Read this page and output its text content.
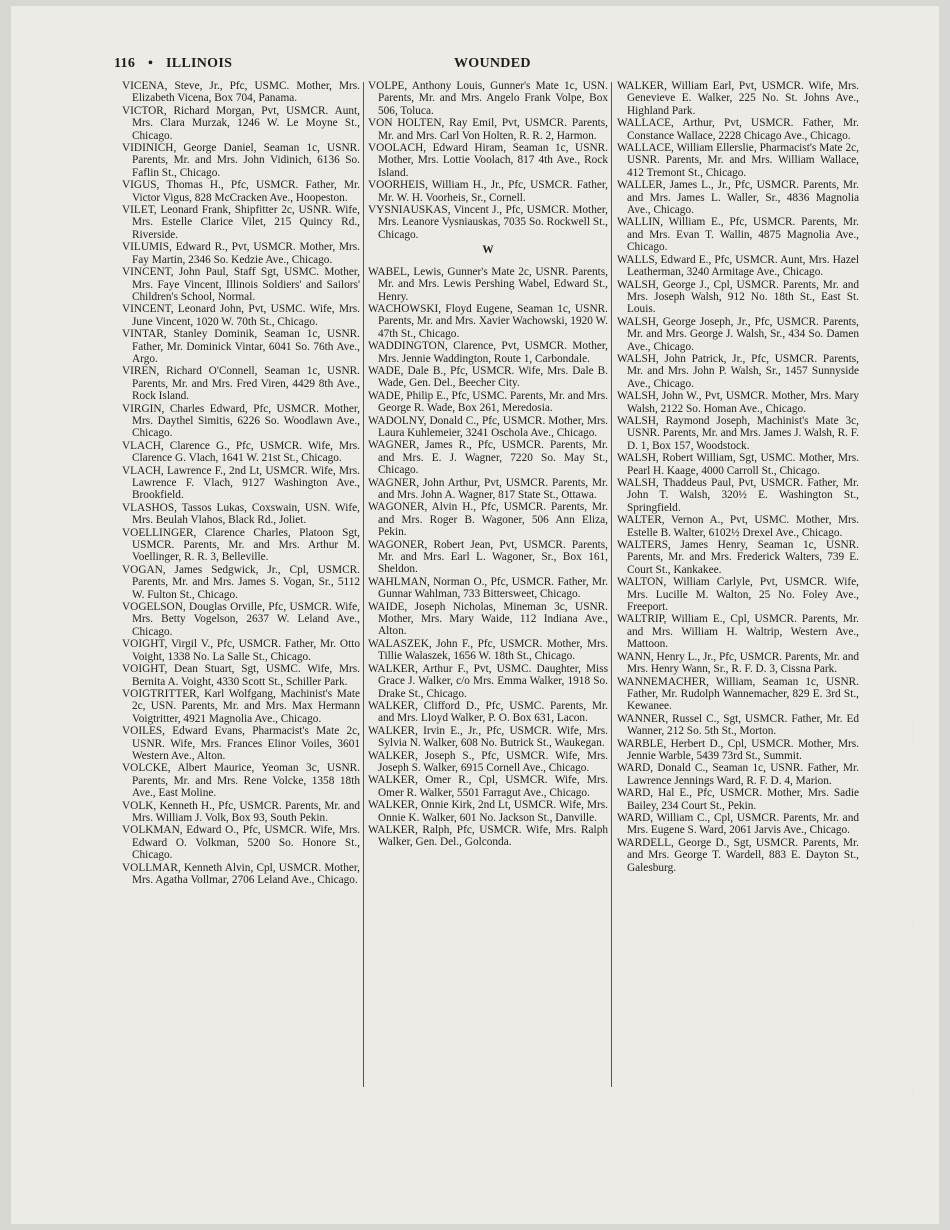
116 • ILLINOIS	WOUNDED

VICENA, Steve, Jr., Pfc, USMC. Mother, Mrs. Elizabeth Vicena, Box 704, Panama.

VICTOR, Richard Morgan, Pvt, USMCR. Aunt, Mrs. Clara Murzak, 1246 W. Le Moyne St., Chicago.

VIDINICH, George Daniel, Seaman 1c, USNR. Parents, Mr. and Mrs. John Vidinich, 6136 So. Faflin St., Chicago.

VIGUS, Thomas H., Pfc, USMCR. Father, Mr. Victor Vigus, 828 McCracken Ave., Hoopeston.

VILET, Leonard Frank, Shipfitter 2c, USNR. Wife, Mrs. Estelle Clarice Vilet, 215 Quincy Rd., Riverside.

VILUMIS, Edward R., Pvt, USMCR. Mother, Mrs. Fay Martin, 2346 So. Kedzie Ave., Chicago.

VINCENT, John Paul, Staff Sgt, USMC. Mother, Mrs. Faye Vincent, Illinois Soldiers' and Sailors' Children's School, Normal.

VINCENT, Leonard John, Pvt, USMC. Wife, Mrs. June Vincent, 1020 W. 70th St., Chicago.

VINTAR, Stanley Dominik, Seaman 1c, USNR. Father, Mr. Dominick Vintar, 6041 So. 76th Ave., Argo.

VIREN, Richard O'Connell, Seaman 1c, USNR. Parents, Mr. and Mrs. Fred Viren, 4429 8th Ave., Rock Island.

VIRGIN, Charles Edward, Pfc, USMCR. Mother, Mrs. Daythel Simitis, 6226 So. Woodlawn Ave., Chicago.

VLACH, Clarence G., Pfc, USMCR. Wife, Mrs. Clarence G. Vlach, 1641 W. 21st St., Chicago.

VLACH, Lawrence F., 2nd Lt, USMCR. Wife, Mrs. Lawrence F. Vlach, 9127 Washington Ave., Brookfield.

VLASHOS, Tassos Lukas, Coxswain, USN. Wife, Mrs. Beulah Vlahos, Black Rd., Joliet.

VOELLINGER, Clarence Charles, Platoon Sgt, USMCR. Parents, Mr. and Mrs. Arthur M. Voellinger, R. R. 3, Belleville.

VOGAN, James Sedgwick, Jr., Cpl, USMCR. Parents, Mr. and Mrs. James S. Vogan, Sr., 5112 W. Fulton St., Chicago.

VOGELSON, Douglas Orville, Pfc, USMCR. Wife, Mrs. Betty Vogelson, 2637 W. Leland Ave., Chicago.

VOIGHT, Virgil V., Pfc, USMCR. Father, Mr. Otto Voight, 1338 No. La Salle St., Chicago.

VOIGHT, Dean Stuart, Sgt, USMC. Wife, Mrs. Bernita A. Voight, 4330 Scott St., Schiller Park.

VOIGTRITTER, Karl Wolfgang, Machinist's Mate 2c, USN. Parents, Mr. and Mrs. Max Hermann Voigtritter, 4921 Magnolia Ave., Chicago.

VOILES, Edward Evans, Pharmacist's Mate 2c, USNR. Wife, Mrs. Frances Elinor Voiles, 3601 Western Ave., Alton.

VOLCKE, Albert Maurice, Yeoman 3c, USNR. Parents, Mr. and Mrs. Rene Volcke, 1358 18th Ave., East Moline.

VOLK, Kenneth H., Pfc, USMCR. Parents, Mr. and Mrs. William J. Volk, Box 93, South Pekin.

VOLKMAN, Edward O., Pfc, USMCR. Wife, Mrs. Edward O. Volkman, 5200 So. Honore St., Chicago.

VOLLMAR, Kenneth Alvin, Cpl, USMCR. Mother, Mrs. Agatha Vollmar, 2706 Leland Ave., Chicago.

VOLPE, Anthony Louis, Gunner's Mate 1c, USN. Parents, Mr. and Mrs. Angelo Frank Volpe, Box 506, Toluca.

VON HOLTEN, Ray Emil, Pvt, USMCR. Parents, Mr. and Mrs. Carl Von Holten, R. R. 2, Harmon.

VOOLACH, Edward Hiram, Seaman 1c, USNR. Mother, Mrs. Lottie Voolach, 817 4th Ave., Rock Island.

VOORHEIS, William H., Jr., Pfc, USMCR. Father, Mr. W. H. Voorheis, Sr., Cornell.

VYSNIAUSKAS, Vincent J., Pfc, USMCR. Mother, Mrs. Leanore Vysniauskas, 7035 So. Rockwell St., Chicago.

W

WABEL, Lewis, Gunner's Mate 2c, USNR. Parents, Mr. and Mrs. Lewis Pershing Wabel, Edward St., Henry.

WACHOWSKI, Floyd Eugene, Seaman 1c, USNR. Parents, Mr. and Mrs. Xavier Wachowski, 1920 W. 47th St., Chicago.

WADDINGTON, Clarence, Pvt, USMCR. Mother, Mrs. Jennie Waddington, Route 1, Carbondale.

WADE, Dale B., Pfc, USMCR. Wife, Mrs. Dale B. Wade, Gen. Del., Beecher City.

WADE, Philip E., Pfc, USMC. Parents, Mr. and Mrs. George R. Wade, Box 261, Meredosia.

WADOLNY, Donald C., Pfc, USMCR. Mother, Mrs. Laura Kuhlemeier, 3241 Oschola Ave., Chicago.

WAGNER, James R., Pfc, USMCR. Parents, Mr. and Mrs. E. J. Wagner, 7220 So. May St., Chicago.

WAGNER, John Arthur, Pvt, USMCR. Parents, Mr. and Mrs. John A. Wagner, 817 State St., Ottawa.

WAGONER, Alvin H., Pfc, USMCR. Parents, Mr. and Mrs. Roger B. Wagoner, 506 Ann Eliza, Pekin.

WAGONER, Robert Jean, Pvt, USMCR. Parents, Mr. and Mrs. Earl L. Wagoner, Sr., Box 161, Sheldon.

WAHLMAN, Norman O., Pfc, USMCR. Father, Mr. Gunnar Wahlman, 733 Bittersweet, Chicago.

WAIDE, Joseph Nicholas, Mineman 3c, USNR. Mother, Mrs. Mary Waide, 112 Indiana Ave., Alton.

WALASZEK, John F., Pfc, USMCR. Mother, Mrs. Tillie Walaszek, 1656 W. 18th St., Chicago.

WALKER, Arthur F., Pvt, USMC. Daughter, Miss Grace J. Walker, c/o Mrs. Emma Walker, 1918 So. Drake St., Chicago.

WALKER, Clifford D., Pfc, USMC. Parents, Mr. and Mrs. Lloyd Walker, P. O. Box 631, Lacon.

WALKER, Irvin E., Jr., Pfc, USMCR. Wife, Mrs. Sylvia N. Walker, 608 No. Butrick St., Waukegan.

WALKER, Joseph S., Pfc, USMCR. Wife, Mrs. Joseph S. Walker, 6915 Cornell Ave., Chicago.

WALKER, Omer R., Cpl, USMCR. Wife, Mrs. Omer R. Walker, 5501 Farragut Ave., Chicago.

WALKER, Onnie Kirk, 2nd Lt, USMCR. Wife, Mrs. Onnie K. Walker, 601 No. Jackson St., Danville.

WALKER, Ralph, Pfc, USMCR. Wife, Mrs. Ralph Walker, Gen. Del., Golconda.

WALKER, William Earl, Pvt, USMCR. Wife, Mrs. Genevieve E. Walker, 225 No. St. Johns Ave., Highland Park.

WALLACE, Arthur, Pvt, USMCR. Father, Mr. Constance Wallace, 2228 Chicago Ave., Chicago.

WALLACE, William Ellerslie, Pharmacist's Mate 2c, USNR. Parents, Mr. and Mrs. William Wallace, 412 Tremont St., Chicago.

WALLER, James L., Jr., Pfc, USMCR. Parents, Mr. and Mrs. James L. Waller, Sr., 4836 Magnolia Ave., Chicago.

WALLIN, William E., Pfc, USMCR. Parents, Mr. and Mrs. Evan T. Wallin, 4875 Magnolia Ave., Chicago.

WALLS, Edward E., Pfc, USMCR. Aunt, Mrs. Hazel Leatherman, 3240 Armitage Ave., Chicago.

WALSH, George J., Cpl, USMCR. Parents, Mr. and Mrs. Joseph Walsh, 912 No. 18th St., East St. Louis.

WALSH, George Joseph, Jr., Pfc, USMCR. Parents, Mr. and Mrs. George J. Walsh, Sr., 434 So. Damen Ave., Chicago.

WALSH, John Patrick, Jr., Pfc, USMCR. Parents, Mr. and Mrs. John P. Walsh, Sr., 1457 Sunnyside Ave., Chicago.

WALSH, John W., Pvt, USMCR. Mother, Mrs. Mary Walsh, 2122 So. Homan Ave., Chicago.

WALSH, Raymond Joseph, Machinist's Mate 3c, USNR. Parents, Mr. and Mrs. James J. Walsh, R. F. D. 1, Box 157, Woodstock.

WALSH, Robert William, Sgt, USMC. Mother, Mrs. Pearl H. Kaage, 4000 Carroll St., Chicago.

WALSH, Thaddeus Paul, Pvt, USMCR. Father, Mr. John T. Walsh, 320½ E. Washington St., Springfield.

WALTER, Vernon A., Pvt, USMC. Mother, Mrs. Estelle B. Walter, 6102½ Drexel Ave., Chicago.

WALTERS, James Henry, Seaman 1c, USNR. Parents, Mr. and Mrs. Frederick Walters, 739 E. Court St., Kankakee.

WALTON, William Carlyle, Pvt, USMCR. Wife, Mrs. Lucille M. Walton, 25 No. Foley Ave., Freeport.

WALTRIP, William E., Cpl, USMCR. Parents, Mr. and Mrs. William H. Waltrip, Western Ave., Mattoon.

WANN, Henry L., Jr., Pfc, USMCR. Parents, Mr. and Mrs. Henry Wann, Sr., R. F. D. 3, Cissna Park.

WANNEMACHER, William, Seaman 1c, USNR. Father, Mr. Rudolph Wannemacher, 829 E. 3rd St., Kewanee.

WANNER, Russel C., Sgt, USMCR. Father, Mr. Ed Wanner, 212 So. 5th St., Morton.

WARBLE, Herbert D., Cpl, USMCR. Mother, Mrs. Jennie Warble, 5439 73rd St., Summit.

WARD, Donald C., Seaman 1c, USNR. Father, Mr. Lawrence Jennings Ward, R. F. D. 4, Marion.

WARD, Hal E., Pfc, USMCR. Mother, Mrs. Sadie Bailey, 234 Court St., Pekin.

WARD, William C., Cpl, USMCR. Parents, Mr. and Mrs. Eugene S. Ward, 2061 Jarvis Ave., Chicago.

WARDELL, George D., Sgt, USMCR. Parents, Mr. and Mrs. George T. Wardell, 883 E. Dayton St., Galesburg.
